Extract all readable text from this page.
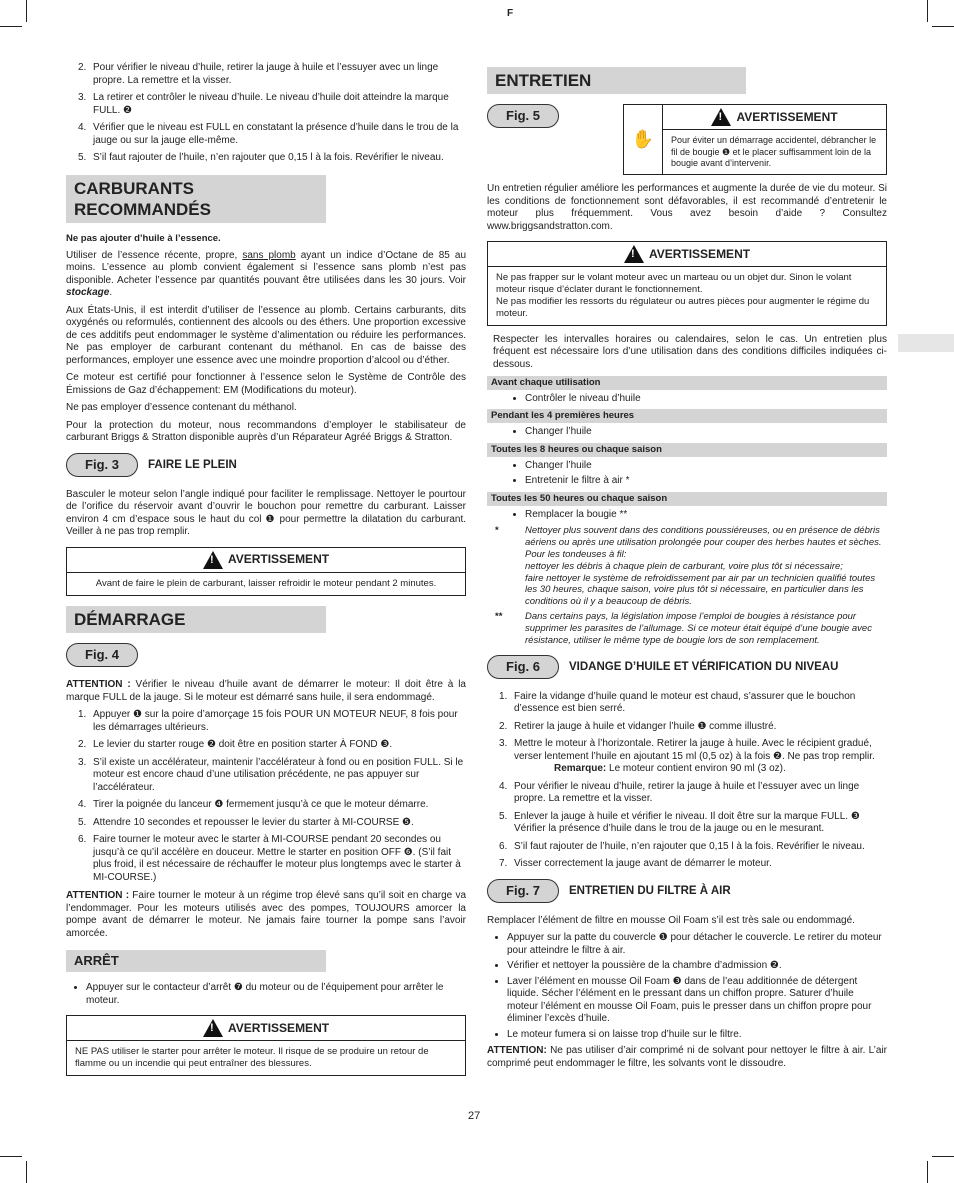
F
2. Pour vérifier le niveau d’huile, retirer la jauge à huile et l’essuyer avec un linge propre. La remettre et la visser.
3. La retirer et contrôler le niveau d’huile. Le niveau d’huile doit atteindre la marque FULL. ❷
4. Vérifier que le niveau est FULL en constatant la présence d’huile dans le trou de la jauge ou sur la jauge elle-même.
5. S’il faut rajouter de l’huile, n’en rajouter que 0,15 l à la fois. Revérifier le niveau.
CARBURANTS RECOMMANDÉS

Ne pas ajouter d’huile à l’essence.

Utiliser de l’essence récente, propre, sans plomb ayant un indice d’Octane de 85 au moins. L’essence au plomb convient également si l’essence sans plomb n’est pas disponible. Acheter l’essence par quantités pouvant être utilisées dans les 30 jours. Voir stockage.

Aux États-Unis, il est interdit d’utiliser de l’essence au plomb. Certains carburants, dits oxygénés ou reformulés, contiennent des alcools ou des éthers. Une proportion excessive de ces additifs peut endommager le système d’alimentation ou réduire les performances. Ne pas employer de carburant contenant du méthanol. En cas de baisse des performances, employer une essence avec une moindre proportion d’alcool ou d’éther.

Ce moteur est certifié pour fonctionner à l’essence selon le Système de Contrôle des Émissions de Gaz d’échappement: EM (Modifications du moteur).

Ne pas employer d’essence contenant du méthanol.

Pour la protection du moteur, nous recommandons d’employer le stabilisateur de carburant Briggs & Stratton disponible auprès d’un Réparateur Agréé Briggs & Stratton.

Fig. 3	FAIRE LE PLEIN

Basculer le moteur selon l’angle indiqué pour faciliter le remplissage. Nettoyer le pourtour de l’orifice du réservoir avant d’ouvrir le bouchon pour remettre du carburant. Laisser environ 4 cm d’espace sous le haut du col ❶ pour permettre la dilatation du carburant. Veiller à ne pas trop remplir.

! AVERTISSEMENT
Avant de faire le plein de carburant, laisser refroidir le moteur pendant 2 minutes.
DÉMARRAGE
Fig. 4

ATTENTION : Vérifier le niveau d’huile avant de démarrer le moteur: Il doit être à la marque FULL de la jauge. Si le moteur est démarré sans huile, il sera endommagé.

1. Appuyer ❶ sur la poire d’amorçage 15 fois POUR UN MOTEUR NEUF, 8 fois pour les démarrages ultérieurs.
2. Le levier du starter rouge ❷ doit être en position starter À FOND ❸.
3. S’il existe un accélérateur, maintenir l’accélérateur à fond ou en position FULL. Si le moteur est encore chaud d’une utilisation précédente, ne pas appuyer sur l’accélérateur.
4. Tirer la poignée du lanceur ❹ fermement jusqu’à ce que le moteur démarre.
5. Attendre 10 secondes et repousser le levier du starter à MI-COURSE ❺.
6. Faire tourner le moteur avec le starter à MI-COURSE pendant 20 secondes ou jusqu’à ce qu’il accélère en douceur. Mettre le starter en position OFF ❻. (S’il fait plus froid, il est nécessaire de réchauffer le moteur plus longtemps avec le starter à MI-COURSE.)

ATTENTION : Faire tourner le moteur à un régime trop élevé sans qu’il soit en charge va l’endommager. Pour les moteurs utilisés avec des pompes, TOUJOURS amorcer la pompe avant de démarrer le moteur. Ne jamais faire tourner la pompe sans l’avoir amorcée.

ARRÊT
• Appuyer sur le contacteur d’arrêt ❼ du moteur ou de l’équipement pour arrêter le moteur.
! AVERTISSEMENT
NE PAS utiliser le starter pour arrêter le moteur. Il risque de se produire un retour de flamme ou un incendie qui peut entraîner des blessures.
ENTRETIEN
Fig. 5
✋
! AVERTISSEMENT
Pour éviter un démarrage accidentel, débrancher le fil de bougie ❶ et le placer suffisamment loin de la bougie avant d’intervenir.

Un entretien régulier améliore les performances et augmente la durée de vie du moteur. Si les conditions de fonctionnement sont défavorables, il est recommandé d’entretenir le moteur plus fréquemment. Vous avez besoin d’aide ? Consultez www.briggsandstratton.com.

! AVERTISSEMENT
Ne pas frapper sur le volant moteur avec un marteau ou un objet dur. Sinon le volant moteur risque d’éclater durant le fonctionnement.
Ne pas modifier les ressorts du régulateur ou autres pièces pour augmenter le régime du moteur.

Respecter les intervalles horaires ou calendaires, selon le cas. Un entretien plus fréquent est nécessaire lors d’une utilisation dans des conditions difficiles indiquées ci-dessous.

Avant chaque utilisation
• Contrôler le niveau d’huile
Pendant les 4 premières heures
• Changer l’huile
Toutes les 8 heures ou chaque saison
• Changer l’huile
• Entretenir le filtre à air *
Toutes les 50 heures ou chaque saison
• Remplacer la bougie **
*	Nettoyer plus souvent dans des conditions poussiéreuses, ou en présence de débris aériens ou après une utilisation prolongée pour couper des herbes hautes et sèches.
Pour les tondeuses à fil:
nettoyer les débris à chaque plein de carburant, voire plus tôt si nécessaire;
faire nettoyer le système de refroidissement par air par un technicien qualifié toutes les 30 heures, chaque saison, voire plus tôt si nécessaire, en particulier dans les conditions où il y a beaucoup de débris.
**	Dans certains pays, la législation impose l’emploi de bougies à résistance pour supprimer les parasites de l’allumage. Si ce moteur était équipé d’une bougie avec résistance, utiliser le même type de bougie lors de son remplacement.
Fig. 6	VIDANGE D’HUILE ET VÉRIFICATION DU NIVEAU
1. Faire la vidange d’huile quand le moteur est chaud, s’assurer que le bouchon d’essence est bien serré.
2. Retirer la jauge à huile et vidanger l’huile ❶ comme illustré.
3. Mettre le moteur à l’horizontale. Retirer la jauge à huile. Avec le récipient gradué, verser lentement l’huile en ajoutant 15 ml (0,5 oz) à la fois ❷. Ne pas trop remplir.
Remarque: Le moteur contient environ 90 ml (3 oz).
4. Pour vérifier le niveau d’huile, retirer la jauge à huile et l’essuyer avec un linge propre. La remettre et la visser.
5. Enlever la jauge à huile et vérifier le niveau. Il doit être sur la marque FULL. ❸ Vérifier la présence d’huile dans le trou de la jauge ou en le mesurant.
6. S’il faut rajouter de l’huile, n’en rajouter que 0,15 l à la fois. Revérifier le niveau.
7. Visser correctement la jauge avant de démarrer le moteur.
Fig. 7	ENTRETIEN DU FILTRE À AIR

Remplacer l’élément de filtre en mousse Oil Foam s’il est très sale ou endommagé.

• Appuyer sur la patte du couvercle ❶ pour détacher le couvercle. Le retirer du moteur pour atteindre le filtre à air.
• Vérifier et nettoyer la poussière de la chambre d’admission ❷.
• Laver l’élément en mousse Oil Foam ❸ dans de l’eau additionnée de détergent liquide. Sécher l’élément en le pressant dans un chiffon propre. Saturer d’huile moteur l’élément en mousse Oil Foam, puis le presser dans un chiffon propre pour éliminer l’excès d’huile.
• Le moteur fumera si on laisse trop d’huile sur le filtre.

ATTENTION: Ne pas utiliser d’air comprimé ni de solvant pour nettoyer le filtre à air. L’air comprimé peut endommager le filtre, les solvants vont le dissoudre.

27
